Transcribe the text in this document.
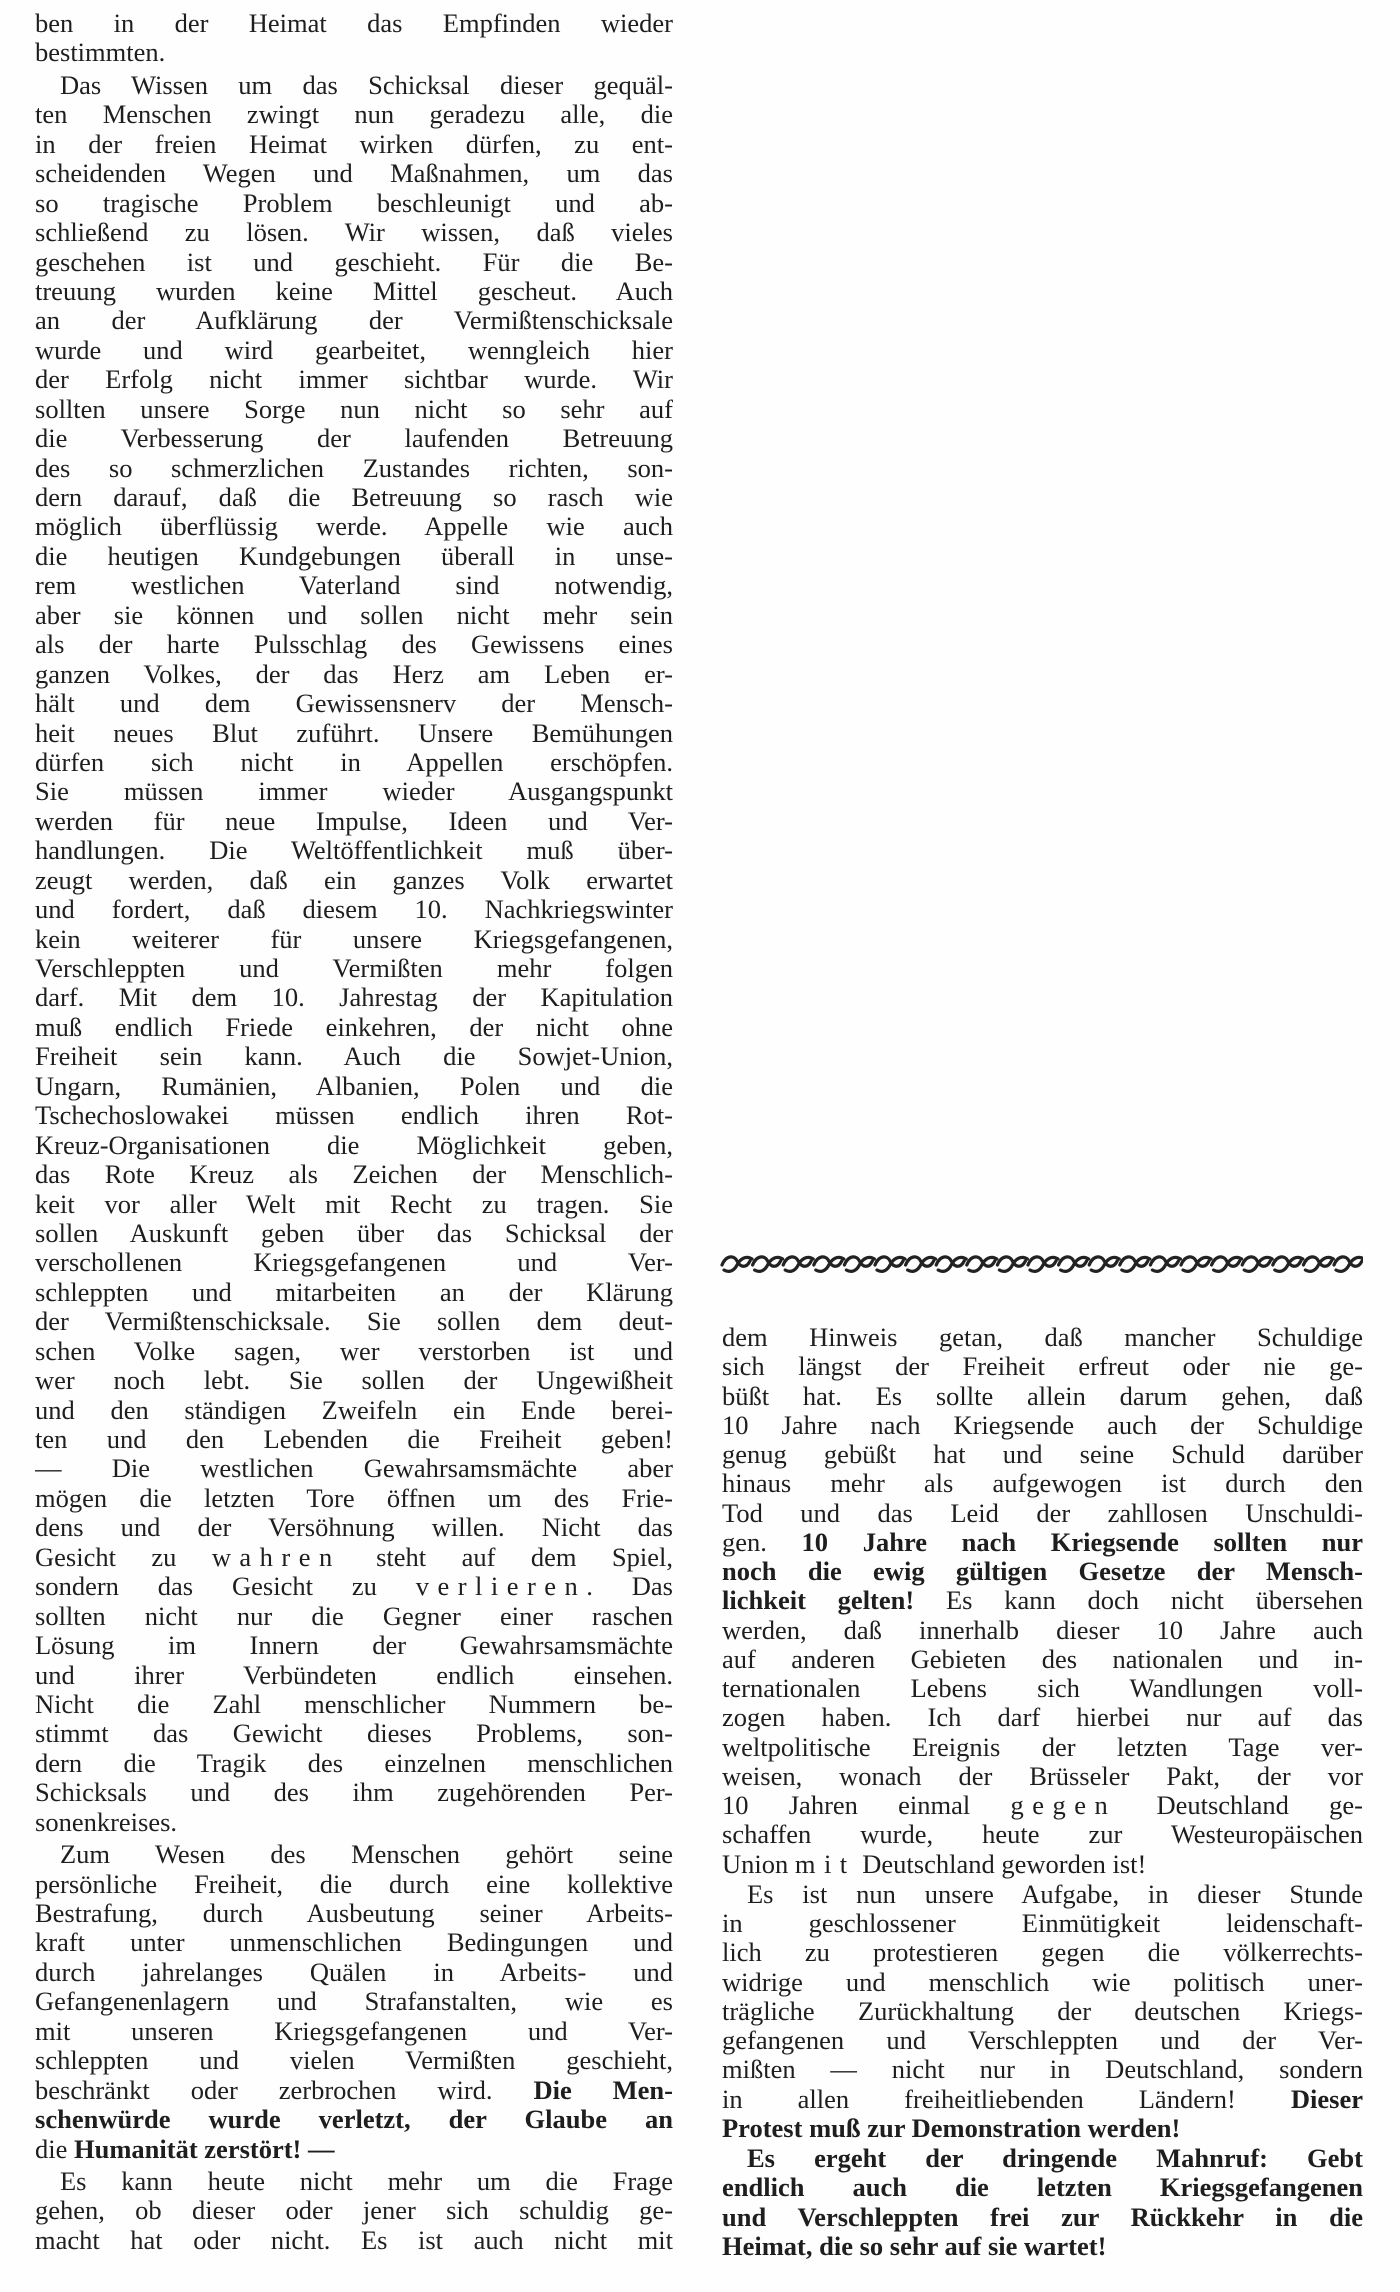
ben in der Heimat das Empfinden wieder
bestimmten.
Das Wissen um das Schicksal dieser gequäl-
ten Menschen zwingt nun geradezu alle, die
in der freien Heimat wirken dürfen, zu ent-
scheidenden Wegen und Maßnahmen, um das
so tragische Problem beschleunigt und ab-
schließend zu lösen. Wir wissen, daß vieles
geschehen ist und geschieht. Für die Be-
treuung wurden keine Mittel gescheut. Auch
an der Aufklärung der Vermißtenschicksale
wurde und wird gearbeitet, wenngleich hier
der Erfolg nicht immer sichtbar wurde. Wir
sollten unsere Sorge nun nicht so sehr auf
die Verbesserung der laufenden Betreuung
des so schmerzlichen Zustandes richten, son-
dern darauf, daß die Betreuung so rasch wie
möglich überflüssig werde. Appelle wie auch
die heutigen Kundgebungen überall in unse-
rem westlichen Vaterland sind notwendig,
aber sie können und sollen nicht mehr sein
als der harte Pulsschlag des Gewissens eines
ganzen Volkes, der das Herz am Leben er-
hält und dem Gewissensnerv der Mensch-
heit neues Blut zuführt. Unsere Bemühungen
dürfen sich nicht in Appellen erschöpfen.
Sie müssen immer wieder Ausgangspunkt
werden für neue Impulse, Ideen und Ver-
handlungen. Die Weltöffentlichkeit muß über-
zeugt werden, daß ein ganzes Volk erwartet
und fordert, daß diesem 10. Nachkriegswinter
kein weiterer für unsere Kriegsgefangenen,
Verschleppten und Vermißten mehr folgen
darf. Mit dem 10. Jahrestag der Kapitulation
muß endlich Friede einkehren, der nicht ohne
Freiheit sein kann. Auch die Sowjet-Union,
Ungarn, Rumänien, Albanien, Polen und die
Tschechoslowakei müssen endlich ihren Rot-
Kreuz-Organisationen die Möglichkeit geben,
das Rote Kreuz als Zeichen der Menschlich-
keit vor aller Welt mit Recht zu tragen. Sie
sollen Auskunft geben über das Schicksal der
verschollenen Kriegsgefangenen und Ver-
schleppten und mitarbeiten an der Klärung
der Vermißtenschicksale. Sie sollen dem deut-
schen Volke sagen, wer verstorben ist und
wer noch lebt. Sie sollen der Ungewißheit
und den ständigen Zweifeln ein Ende berei-
ten und den Lebenden die Freiheit geben!
— Die westlichen Gewahrsamsmächte aber
mögen die letzten Tore öffnen um des Frie-
dens und der Versöhnung willen. Nicht das
Gesicht zu wahren steht auf dem Spiel,
sondern das Gesicht zu verlieren. Das
sollten nicht nur die Gegner einer raschen
Lösung im Innern der Gewahrsamsmächte
und ihrer Verbündeten endlich einsehen.
Nicht die Zahl menschlicher Nummern be-
stimmt das Gewicht dieses Problems, son-
dern die Tragik des einzelnen menschlichen
Schicksals und des ihm zugehörenden Per-
sonenkreises.
Zum Wesen des Menschen gehört seine
persönliche Freiheit, die durch eine kollektive
Bestrafung, durch Ausbeutung seiner Arbeits-
kraft unter unmenschlichen Bedingungen und
durch jahrelanges Quälen in Arbeits- und
Gefangenenlagern und Strafanstalten, wie es
mit unseren Kriegsgefangenen und Ver-
schleppten und vielen Vermißten geschieht,
beschränkt oder zerbrochen wird. Die Men-
schenwürde wurde verletzt, der Glaube an
die Humanität zerstört! —
Es kann heute nicht mehr um die Frage
gehen, ob dieser oder jener sich schuldig ge-
macht hat oder nicht. Es ist auch nicht mit
dem Hinweis getan, daß mancher Schuldige
sich längst der Freiheit erfreut oder nie ge-
büßt hat. Es sollte allein darum gehen, daß
10 Jahre nach Kriegsende auch der Schuldige
genug gebüßt hat und seine Schuld darüber
hinaus mehr als aufgewogen ist durch den
Tod und das Leid der zahllosen Unschuldi-
gen. 10 Jahre nach Kriegsende sollten nur
noch die ewig gültigen Gesetze der Mensch-
lichkeit gelten! Es kann doch nicht übersehen
werden, daß innerhalb dieser 10 Jahre auch
auf anderen Gebieten des nationalen und in-
ternationalen Lebens sich Wandlungen voll-
zogen haben. Ich darf hierbei nur auf das
weltpolitische Ereignis der letzten Tage ver-
weisen, wonach der Brüsseler Pakt, der vor
10 Jahren einmal gegen Deutschland ge-
schaffen wurde, heute zur Westeuropäischen
Union mit Deutschland geworden ist!
Es ist nun unsere Aufgabe, in dieser Stunde
in geschlossener Einmütigkeit leidenschaft-
lich zu protestieren gegen die völkerrechts-
widrige und menschlich wie politisch uner-
trägliche Zurückhaltung der deutschen Kriegs-
gefangenen und Verschleppten und der Ver-
mißten — nicht nur in Deutschland, sondern
in allen freiheitliebenden Ländern! Dieser
Protest muß zur Demonstration werden!
Es ergeht der dringende Mahnruf: Gebt
endlich auch die letzten Kriegsgefangenen
und Verschleppten frei zur Rückkehr in die
Heimat, die so sehr auf sie wartet!
